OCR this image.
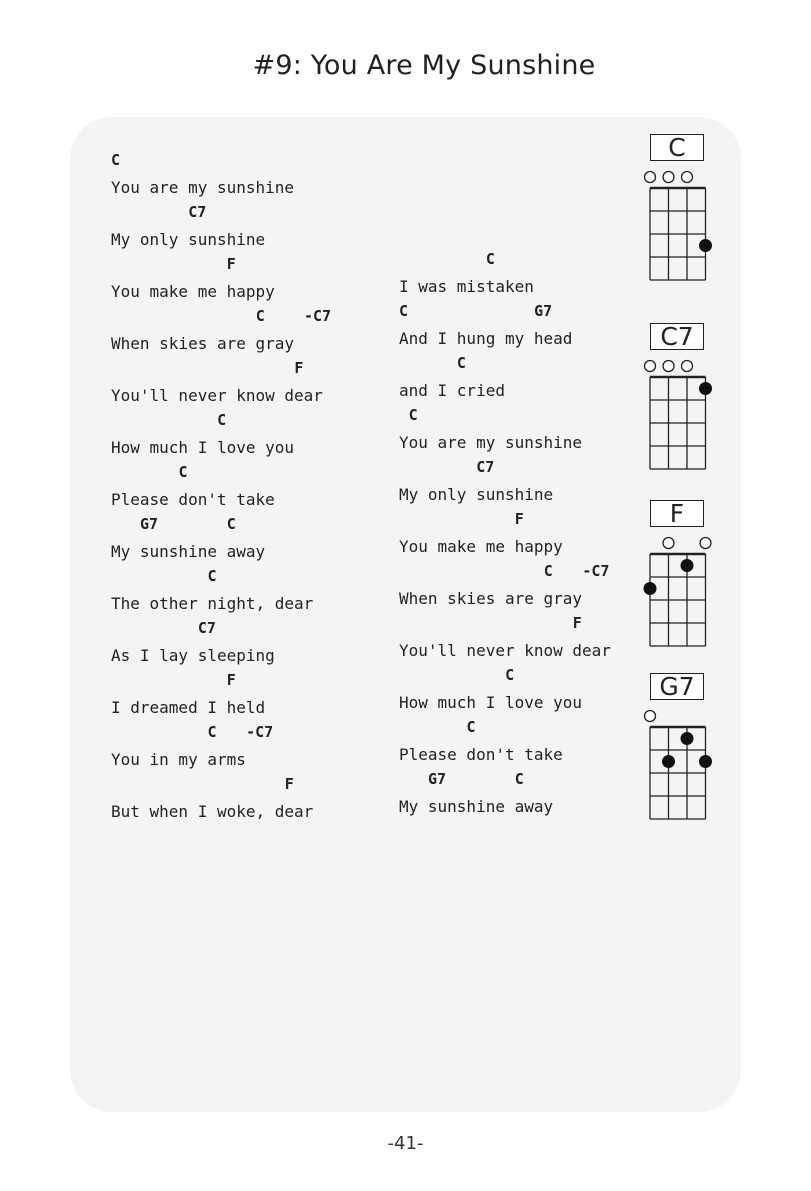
#9: You Are My Sunshine
C
You are my sunshine
C7
My only sunshine
F
You make me happy
C	-C7
When skies are gray
F
You'll never know dear
C
How much I love you
C
Please don't take
G7	C
My sunshine away
C
The other night, dear
C7
As I lay sleeping
F
I dreamed I held
C -C7
You in my arms
F
But when I woke, dear
C
I was mistaken
C	G7
And I hung my head
C
and I cried
C
You are my sunshine
C7
My only sunshine
F
You make me happy
C -C7
When skies are gray
F
You'll never know dear
C
How much I love you
C
Please don't take
G7	C
My sunshine away
C
C7
F
G7
-41-
